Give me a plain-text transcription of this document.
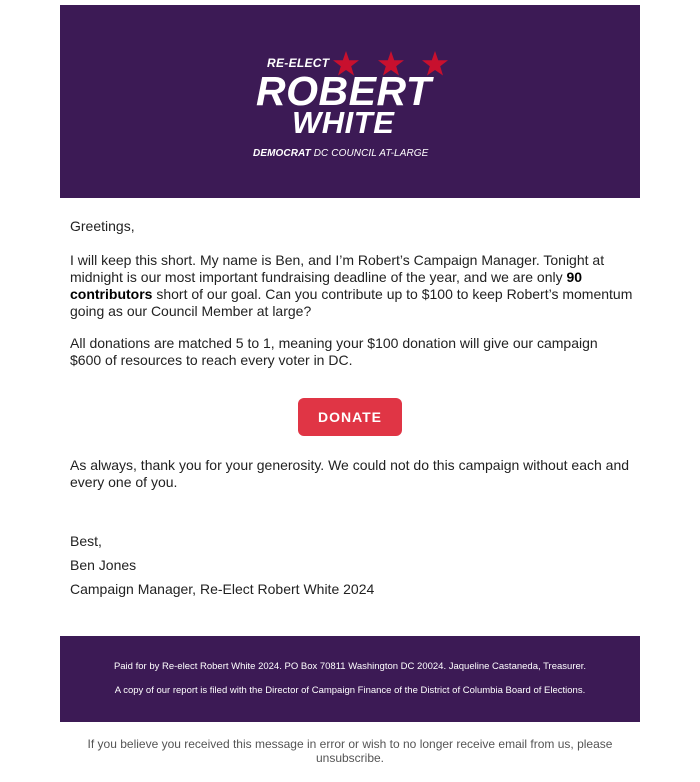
RE-ELECT
ROBERT
WHITE
DEMOCRAT DC COUNCIL AT-LARGE
Greetings,

I will keep this short. My name is Ben, and I’m Robert’s Campaign Manager. Tonight at midnight is our most important fundraising deadline of the year, and we are only 90 contributors short of our goal. Can you contribute up to $100 to keep Robert’s momentum going as our Council Member at large?

All donations are matched 5 to 1, meaning your $100 donation will give our campaign $600 of resources to reach every voter in DC.
DONATE
As always, thank you for your generosity. We could not do this campaign without each and every one of you.
Best,
Ben Jones
Campaign Manager, Re-Elect Robert White 2024

Paid for by Re-elect Robert White 2024. PO Box 70811 Washington DC 20024. Jaqueline Castaneda, Treasurer.

A copy of our report is filed with the Director of Campaign Finance of the District of Columbia Board of Elections.

If you believe you received this message in error or wish to no longer receive email from us, please unsubscribe.
